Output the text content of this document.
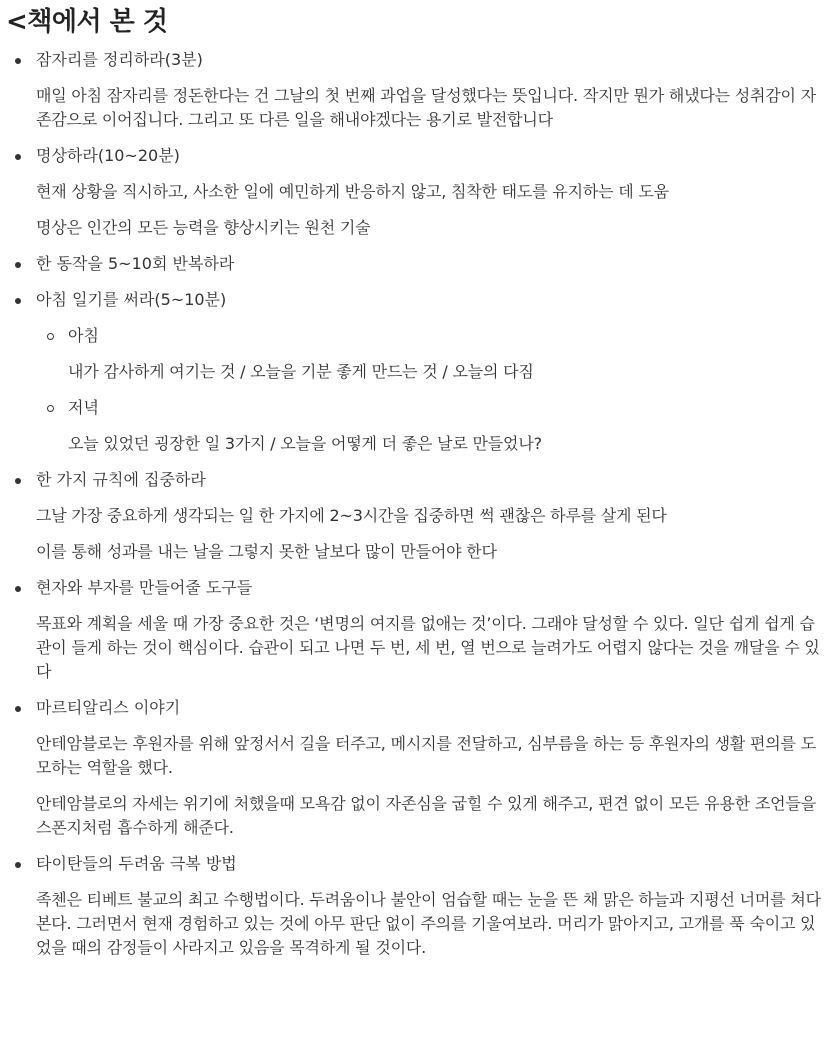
<책에서 본 것
잠자리를 정리하라(3분)

매일 아침 잠자리를 정돈한다는 건 그날의 첫 번째 과업을 달성했다는 뜻입니다. 작지만 뭔가 해냈다는 성취감이 자존감으로 이어집니다. 그리고 또 다른 일을 해내야겠다는 용기로 발전합니다

명상하라(10~20분)

현재 상황을 직시하고, 사소한 일에 예민하게 반응하지 않고, 침착한 태도를 유지하는 데 도움

명상은 인간의 모든 능력을 향상시키는 원천 기술

한 동작을 5~10회 반복하라
아침 일기를 써라(5~10분)
아침

내가 감사하게 여기는 것 / 오늘을 기분 좋게 만드는 것 / 오늘의 다짐

저녁

오늘 있었던 굉장한 일 3가지 / 오늘을 어떻게 더 좋은 날로 만들었나?

한 가지 규칙에 집중하라

그날 가장 중요하게 생각되는 일 한 가지에 2~3시간을 집중하면 썩 괜찮은 하루를 살게 된다

이를 통해 성과를 내는 날을 그렇지 못한 날보다 많이 만들어야 한다

현자와 부자를 만들어줄 도구들

목표와 계획을 세울 때 가장 중요한 것은 ‘변명의 여지를 없애는 것’이다. 그래야 달성할 수 있다. 일단 쉽게 쉽게 습관이 들게 하는 것이 핵심이다. 습관이 되고 나면 두 번, 세 번, 열 번으로 늘려가도 어렵지 않다는 것을 깨달을 수 있다

마르티알리스 이야기

안테암블로는 후원자를 위해 앞정서서 길을 터주고, 메시지를 전달하고, 심부름을 하는 등 후원자의 생활 편의를 도모하는 역할을 했다.

안테암블로의 자세는 위기에 처했을때 모욕감 없이 자존심을 굽힐 수 있게 해주고, 편견 없이 모든 유용한 조언들을 스폰지처럼 흡수하게 해준다.

타이탄들의 두려움 극복 방법

족첸은 티베트 불교의 최고 수행법이다. 두려움이나 불안이 엄습할 때는 눈을 뜬 채 맑은 하늘과 지평선 너머를 쳐다본다. 그러면서 현재 경험하고 있는 것에 아무 판단 없이 주의를 기울여보라. 머리가 맑아지고, 고개를 푹 숙이고 있었을 때의 감정들이 사라지고 있음을 목격하게 될 것이다.
